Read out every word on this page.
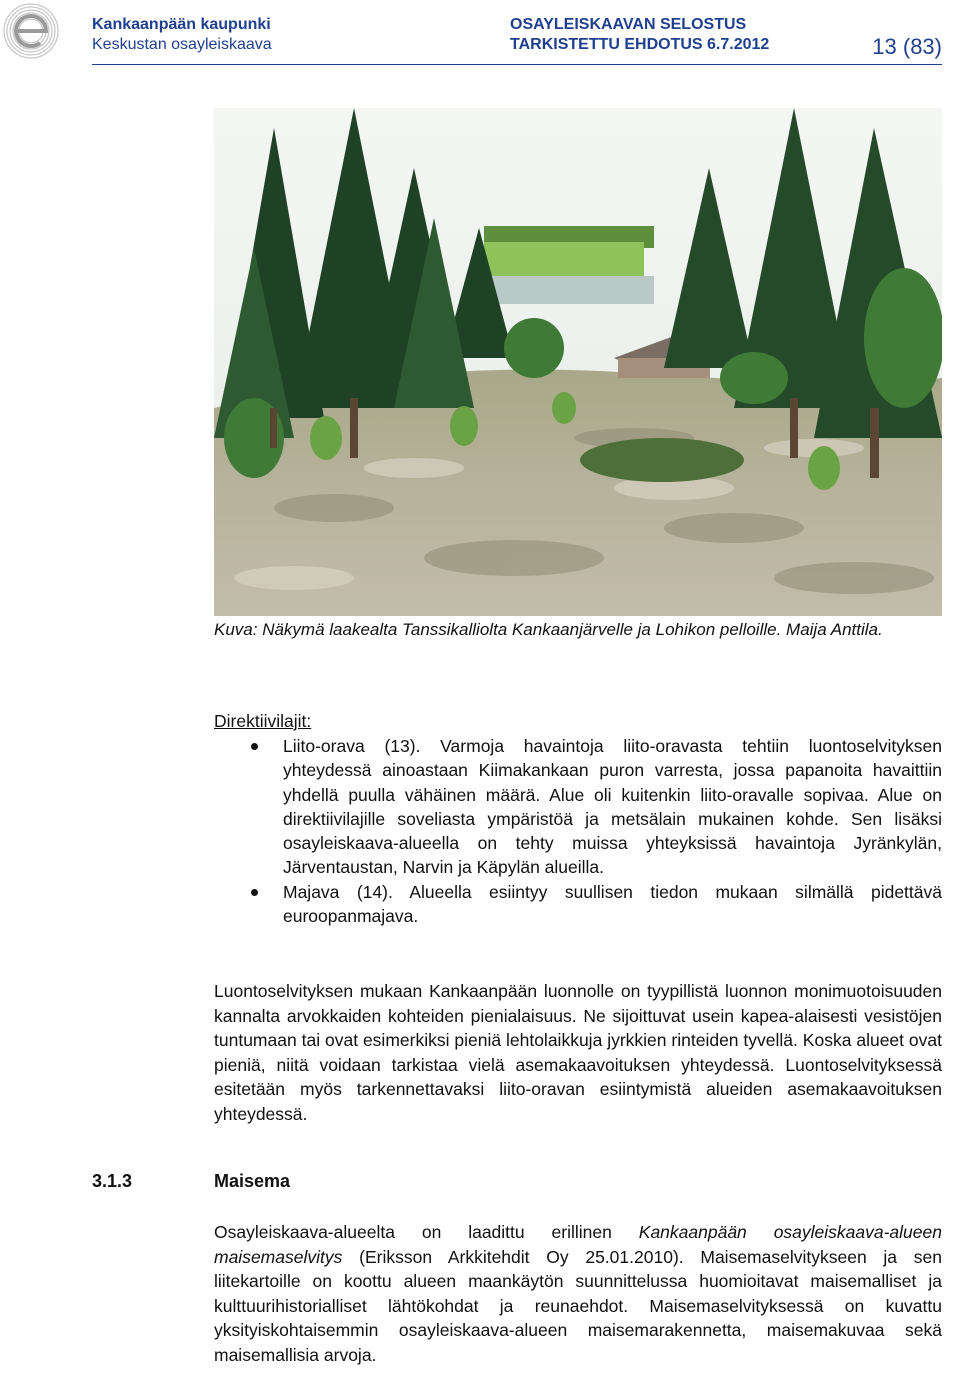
Kankaanpään kaupunki
Keskustan osayleiskaava
OSAYLEISKAAVAN SELOSTUS
TARKISTETTU EHDOTUS 6.7.2012	13 (83)
Kuva: Näkymä laakealta Tanssikalliolta Kankaanjärvelle ja Lohikon pelloille. Maija Anttila.
Direktiivilajit:
Liito-orava (13). Varmoja havaintoja liito-oravasta tehtiin luontoselvityksen yhteydessä ainoastaan Kiimakankaan puron varresta, jossa papanoita havaittiin yhdellä puulla vähäinen määrä. Alue oli kuitenkin liito-oravalle sopivaa. Alue on direktiivilajille soveliasta ympäristöä ja metsälain mukainen kohde. Sen lisäksi osayleiskaava-alueella on tehty muissa yhteyksissä havaintoja Jyränkylän, Järventaustan, Narvin ja Käpylän alueilla.
Majava (14). Alueella esiintyy suullisen tiedon mukaan silmällä pidettävä euroopanmajava.

Luontoselvityksen mukaan Kankaanpään luonnolle on tyypillistä luonnon monimuotoisuuden kannalta arvokkaiden kohteiden pienialaisuus. Ne sijoittuvat usein kapea-alaisesti vesistöjen tuntumaan tai ovat esimerkiksi pieniä lehtolaikkuja jyrkkien rinteiden tyvellä. Koska alueet ovat pieniä, niitä voidaan tarkistaa vielä asemakaavoituksen yhteydessä. Luontoselvityksessä esitetään myös tarkennettavaksi liito-oravan esiintymistä alueiden asemakaavoituksen yhteydessä.

3.1.3	Maisema

Osayleiskaava-alueelta on laadittu erillinen Kankaanpään osayleiskaava-alueen maisemaselvitys (Eriksson Arkkitehdit Oy 25.01.2010). Maisemaselvitykseen ja sen liitekartoille on koottu alueen maankäytön suunnittelussa huomioitavat maisemalliset ja kulttuurihistorialliset lähtökohdat ja reunaehdot. Maisemaselvityksessä on kuvattu yksityiskohtaisemmin osayleiskaava-alueen maisemarakennetta, maisemakuvaa sekä maisemallisia arvoja.
